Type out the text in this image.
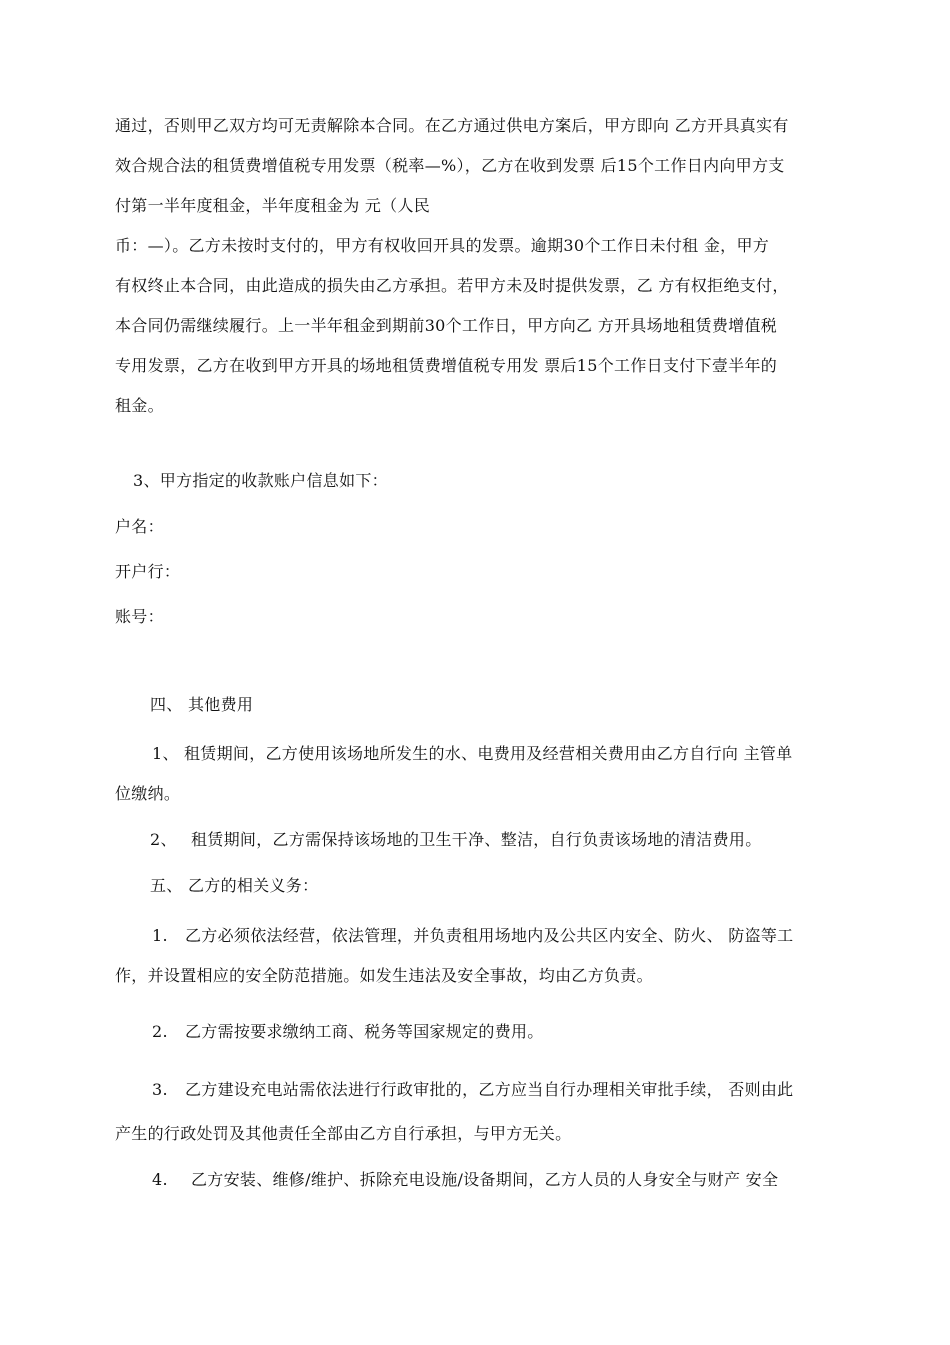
通过，否则甲乙双方均可无责解除本合同。在乙方通过供电方案后，甲方即向 乙方开具真实有
效合规合法的租赁费增值税专用发票（税率—%），乙方在收到发票 后15个工作日内向甲方支
付第一半年度租金，半年度租金为 元（人民
币：—）。乙方未按时支付的，甲方有权收回开具的发票。逾期30个工作日未付租 金，甲方
有权终止本合同，由此造成的损失由乙方承担。若甲方未及时提供发票，乙 方有权拒绝支付，
本合同仍需继续履行。上一半年租金到期前30个工作日，甲方向乙 方开具场地租赁费增值税
专用发票，乙方在收到甲方开具的场地租赁费增值税专用发 票后15个工作日支付下壹半年的
租金。
3、甲方指定的收款账户信息如下：
户名：
开户行：
账号：
四、 其他费用
1、 租赁期间，乙方使用该场地所发生的水、电费用及经营相关费用由乙方自行向 主管单
位缴纳。
2、 租赁期间，乙方需保持该场地的卫生干净、整洁，自行负责该场地的清洁费用。
五、 乙方的相关义务：
1. 乙方必须依法经营，依法管理，并负责租用场地内及公共区内安全、防火、 防盗等工
作，并设置相应的安全防范措施。如发生违法及安全事故，均由乙方负责。
2. 乙方需按要求缴纳工商、税务等国家规定的费用。
3. 乙方建设充电站需依法进行行政审批的，乙方应当自行办理相关审批手续， 否则由此
产生的行政处罚及其他责任全部由乙方自行承担，与甲方无关。
4. 乙方安装、维修/维护、拆除充电设施/设备期间，乙方人员的人身安全与财产 安全
